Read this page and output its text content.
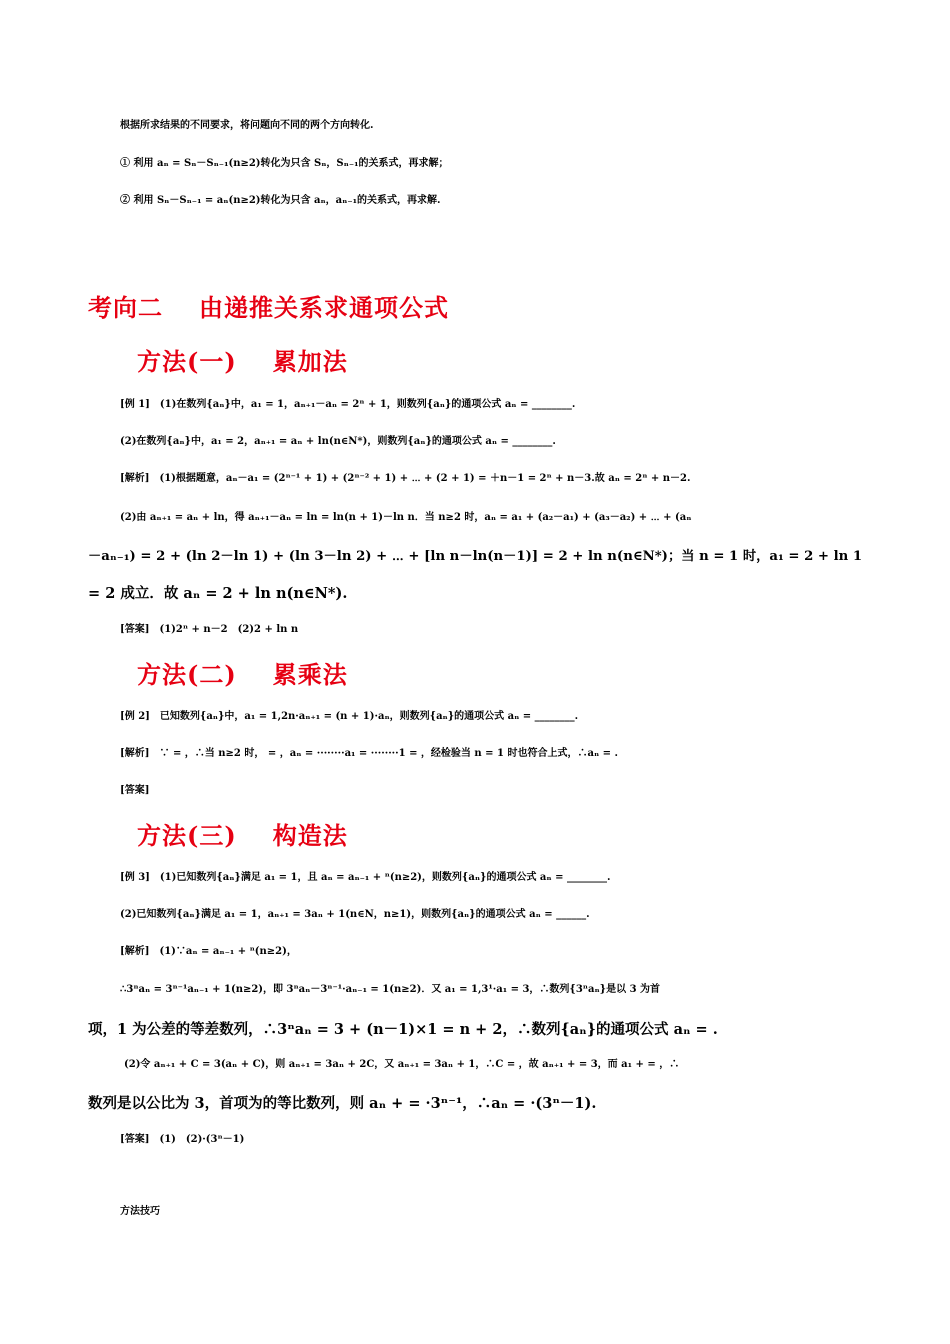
根据所求结果的不同要求，将问题向不同的两个方向转化.
① 利用 aₙ = Sₙ－Sₙ₋₁(n≥2)转化为只含 Sₙ，Sₙ₋₁的关系式，再求解；
② 利用 Sₙ－Sₙ₋₁ = aₙ(n≥2)转化为只含 aₙ，aₙ₋₁的关系式，再求解.
考向二 由递推关系求通项公式
方法(一) 累加法
[例 1]　(1)在数列{aₙ}中，a₁ = 1，aₙ₊₁－aₙ = 2ⁿ + 1，则数列{aₙ}的通项公式 aₙ = ________.
(2)在数列{aₙ}中，a₁ = 2，aₙ₊₁ = aₙ + ln(n∈N*)，则数列{aₙ}的通项公式 aₙ = ________.
[解析]　(1)根据题意，aₙ－a₁ = (2ⁿ⁻¹ + 1) + (2ⁿ⁻² + 1) + ⋯ + (2 + 1) = ＋n－1 = 2ⁿ + n－3.故 aₙ = 2ⁿ + n－2.
(2)由 aₙ₊₁ = aₙ + ln，得 aₙ₊₁－aₙ = ln = ln(n + 1)－ln n．当 n≥2 时，aₙ = a₁ + (a₂－a₁) + (a₃－a₂) + ⋯ + (aₙ
－aₙ₋₁) = 2 + (ln 2－ln 1) + (ln 3－ln 2) + ⋯ + [ln n－ln(n－1)] = 2 + ln n(n∈N*)；当 n = 1 时，a₁ = 2 + ln 1
= 2 成立．故 aₙ = 2 + ln n(n∈N*).
[答案]　(1)2ⁿ + n－2　(2)2 + ln n
方法(二) 累乘法
[例 2]　已知数列{aₙ}中，a₁ = 1,2n·aₙ₊₁ = (n + 1)·aₙ，则数列{aₙ}的通项公式 aₙ = ________.
[解析]　∵ = ，∴当 n≥2 时， = ，aₙ = ········a₁ = ········1 = ，经检验当 n = 1 时也符合上式，∴aₙ = .
[答案]
方法(三) 构造法
[例 3]　(1)已知数列{aₙ}满足 a₁ = 1，且 aₙ = aₙ₋₁ + ⁿ(n≥2)，则数列{aₙ}的通项公式 aₙ = ________.
(2)已知数列{aₙ}满足 a₁ = 1，aₙ₊₁ = 3aₙ + 1(n∈N，n≥1)，则数列{aₙ}的通项公式 aₙ = ______.
[解析]　(1)∵aₙ = aₙ₋₁ + ⁿ(n≥2)，
∴3ⁿaₙ = 3ⁿ⁻¹aₙ₋₁ + 1(n≥2)，即 3ⁿaₙ－3ⁿ⁻¹·aₙ₋₁ = 1(n≥2)．又 a₁ = 1,3¹·a₁ = 3，∴数列{3ⁿaₙ}是以 3 为首
项，1 为公差的等差数列，∴3ⁿaₙ = 3 + (n－1)×1 = n + 2，∴数列{aₙ}的通项公式 aₙ = .
(2)令 aₙ₊₁ + C = 3(aₙ + C)，则 aₙ₊₁ = 3aₙ + 2C，又 aₙ₊₁ = 3aₙ + 1，∴C = ，故 aₙ₊₁ + = 3，而 a₁ + = ，∴
数列是以公比为 3，首项为的等比数列，则 aₙ + = ·3ⁿ⁻¹，∴aₙ = ·(3ⁿ－1).
[答案]　(1)　(2)·(3ⁿ－1)
方法技巧
